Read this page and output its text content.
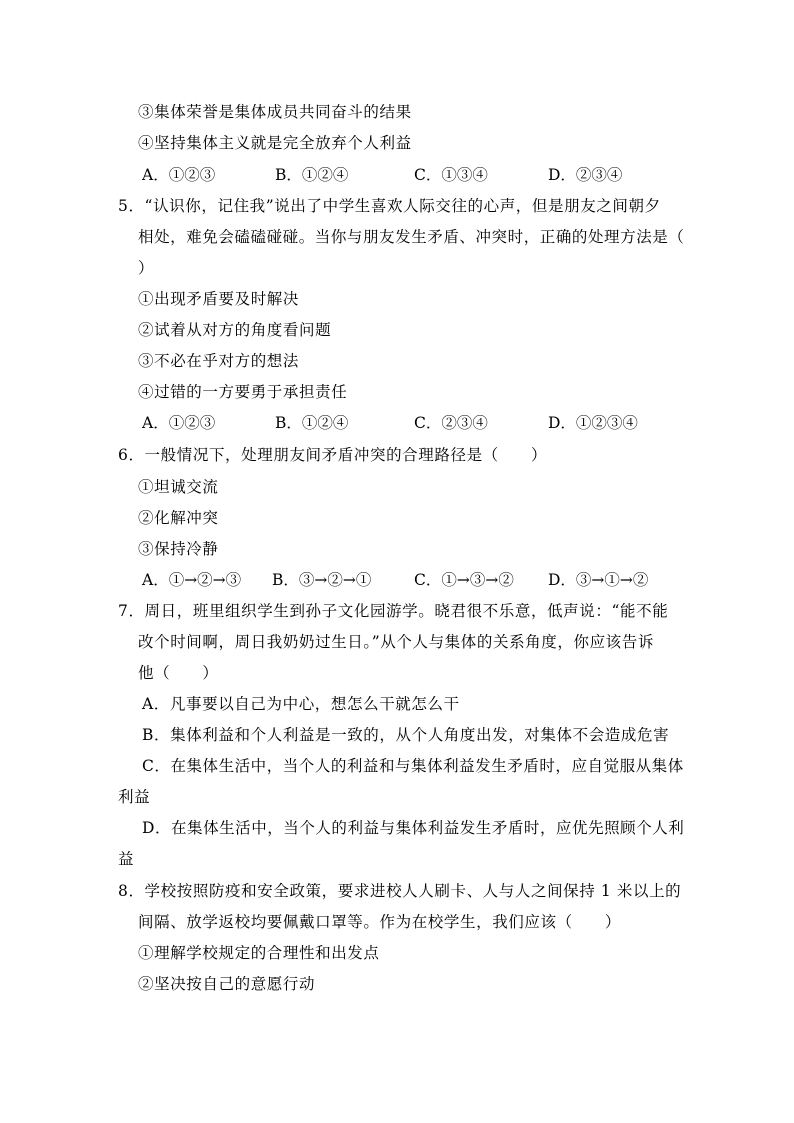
③集体荣誉是集体成员共同奋斗的结果
④坚持集体主义就是完全放弃个人利益
A．①②③	B．①②④	C．①③④	D．②③④
5．“认识你，记住我”说出了中学生喜欢人际交往的心声，但是朋友之间朝夕
相处，难免会磕磕碰碰。当你与朋友发生矛盾、冲突时，正确的处理方法是（
）
①出现矛盾要及时解决
②试着从对方的角度看问题
③不必在乎对方的想法
④过错的一方要勇于承担责任
A．①②③	B．①②④	C．②③④	D．①②③④
6．一般情况下，处理朋友间矛盾冲突的合理路径是（　　）
①坦诚交流
②化解冲突
③保持冷静
A．①→②→③ B．③→②→①	C．①→③→② D．③→①→②
7．周日，班里组织学生到孙子文化园游学。晓君很不乐意，低声说：“能不能
改个时间啊，周日我奶奶过生日。”从个人与集体的关系角度，你应该告诉
他（　　）
A．凡事要以自己为中心，想怎么干就怎么干
B．集体利益和个人利益是一致的，从个人角度出发，对集体不会造成危害
C．在集体生活中，当个人的利益和与集体利益发生矛盾时，应自觉服从集体
利益
D．在集体生活中，当个人的利益与集体利益发生矛盾时，应优先照顾个人利
益
8．学校按照防疫和安全政策，要求进校人人刷卡、人与人之间保持 1 米以上的
间隔、放学返校均要佩戴口罩等。作为在校学生，我们应该（　　）
①理解学校规定的合理性和出发点
②坚决按自己的意愿行动
